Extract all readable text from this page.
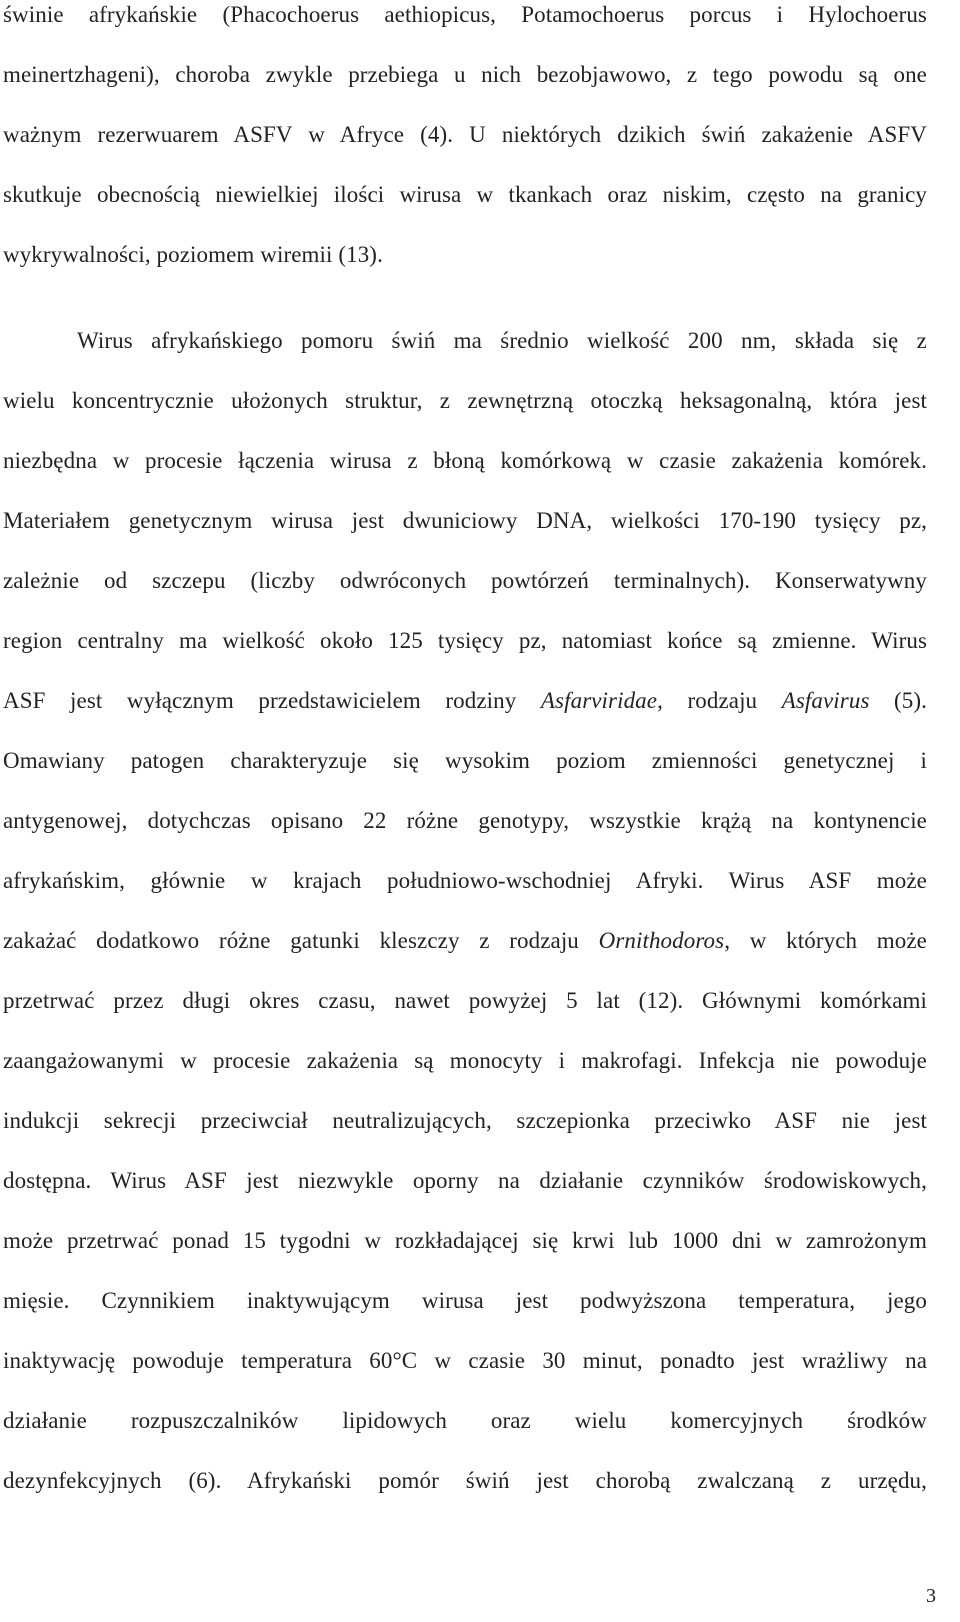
świnie afrykańskie (Phacochoerus aethiopicus, Potamochoerus porcus i Hylochoerus
meinertzhageni), choroba zwykle przebiega u nich bezobjawowo, z tego powodu są one
ważnym rezerwuarem ASFV w Afryce (4). U niektórych dzikich świń zakażenie ASFV
skutkuje obecnością niewielkiej ilości wirusa w tkankach oraz niskim, często na granicy
wykrywalności, poziomem wiremii (13).
Wirus afrykańskiego pomoru świń ma średnio wielkość 200 nm, składa się z
wielu koncentrycznie ułożonych struktur, z zewnętrzną otoczką heksagonalną, która jest
niezbędna w procesie łączenia wirusa z błoną komórkową w czasie zakażenia komórek.
Materiałem genetycznym wirusa jest dwuniciowy DNA, wielkości 170-190 tysięcy pz,
zależnie od szczepu (liczby odwróconych powtórzeń terminalnych). Konserwatywny
region centralny ma wielkość około 125 tysięcy pz, natomiast końce są zmienne. Wirus
ASF jest wyłącznym przedstawicielem rodziny Asfarviridae, rodzaju Asfavirus (5).
Omawiany patogen charakteryzuje się wysokim poziom zmienności genetycznej i
antygenowej, dotychczas opisano 22 różne genotypy, wszystkie krążą na kontynencie
afrykańskim, głównie w krajach południowo-wschodniej Afryki. Wirus ASF może
zakażać dodatkowo różne gatunki kleszczy z rodzaju Ornithodoros, w których może
przetrwać przez długi okres czasu, nawet powyżej 5 lat (12). Głównymi komórkami
zaangażowanymi w procesie zakażenia są monocyty i makrofagi. Infekcja nie powoduje
indukcji sekrecji przeciwciał neutralizujących, szczepionka przeciwko ASF nie jest
dostępna. Wirus ASF jest niezwykle oporny na działanie czynników środowiskowych,
może przetrwać ponad 15 tygodni w rozkładającej się krwi lub 1000 dni w zamrożonym
mięsie. Czynnikiem inaktywującym wirusa jest podwyższona temperatura, jego
inaktywację powoduje temperatura 60°C w czasie 30 minut, ponadto jest wrażliwy na
działanie rozpuszczalników lipidowych oraz wielu komercyjnych środków
dezynfekcyjnych (6). Afrykański pomór świń jest chorobą zwalczaną z urzędu,
3
